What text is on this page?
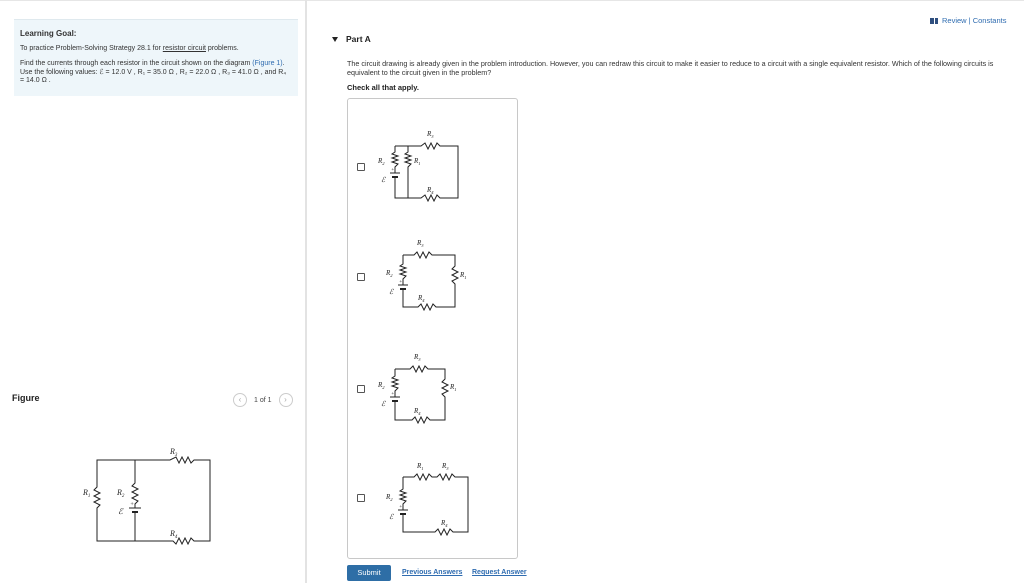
Learning Goal:
To practice Problem-Solving Strategy 28.1 for resistor circuit problems.
Find the currents through each resistor in the circuit shown on the diagram (Figure 1). Use the following values: ℰ = 12.0 V , R₁ = 35.0 Ω , R₂ = 22.0 Ω , R₃ = 41.0 Ω , and R₄ = 14.0 Ω .
Figure	‹	1 of 1	›
$R_3$
$R_1$	$R_2$
ℰ
+
$R_4$
Review | Constants
Part A
The circuit drawing is already given in the problem introduction. However, you can redraw this circuit to make it easier to reduce to a circuit with a single equivalent resistor. Which of the following circuits is equivalent to the circuit given in the problem?
Check all that apply.
$R_3$
$R_2$	$R_1$
ℰ
+
$R_4$
$R_3$
$R_2$	$R_1$
ℰ
+
$R_4$
$R_3$
$R_2$	$R_1$
ℰ
+
$R_4$
$R_1$	$R_3$
$R_2$
ℰ
+
$R_4$
Submit	Previous Answers Request Answer
